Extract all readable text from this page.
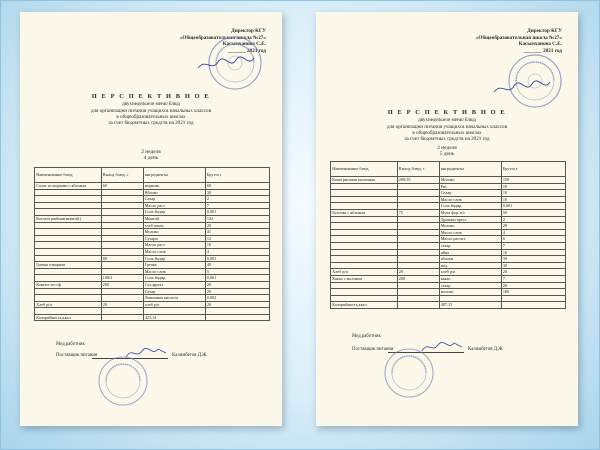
Директор КГУ
«Общеобразовательная школа №27»
Касымханова С.Е.
_______ 2021 год
П Е Р С П Е К Т И В Н О Е
двухнедельное меню блюд
для организации питания учащихся начальных классов
в общеобразовательных школах
за счет бюджетных средств на 2021 год
2 неделя
4 день
Наименование блюд	Выход блюд, г	ингредиенты	Брутто,г
Салат из моркови с яблоком	60	морковь	60
		Яблоко	30
		Сахар	2
		Масло раст	7
		Соль йодир	0,001
Котлета рыбная(минтай )		Минтай	132
		хлеб пшен	20
		Молоко	41
		Сухари	12
		Масло раст	10
		Масло слив	4
	80	Соль йодир	0,001
Гречка отварная		Гречка	40
		Масло слив	5
	100/2	Соль йодир	0,001
Компот из с/ф	200	Сух.фрукт	20
		Сахар	20
		Лимонная кислота	0,002
Хлеб р/п	20	хлеб р/п	20

Калорийность,ккал		423,14	
Мед.работник
Поставщик питания	Калимбетов Д.Ж.
Директор КГУ
«Общеобразовательная школа №27»
Касымханова С.Е.
_______ 2021 год
П Е Р С П Е К Т И В Н О Е
двухнедельное меню блюд
для организации питания учащихся начальных классов
в общеобразовательных школах
за счет бюджетных средств на 2021 год
2 неделя
5 день
Наименование блюд	Выход блюд, г	ингредиенты	Брутто,г
Каша рисовая молочная	200/10	Молоко	150
		Рис	10
		Сахар	10
		Масло слив	10
		Соль йодир	0,001
Булочка с яблоком	75	Мука фор. в/с	50
		Дрожжи пресс	2
		Молоко	28
		Масло слив	4
		Масло растит.	6
		сахар	7
		яйцо	10
		яблоки	39
		мед	30
Хлеб р/п	20	хлеб р/п	20
Какао с молоком	200	какао	7
		сахар	20
		молоко	180

Калорийность,ккал		487,15	
Мед.работник
Поставщик питания	Калимбетов Д.Ж.
